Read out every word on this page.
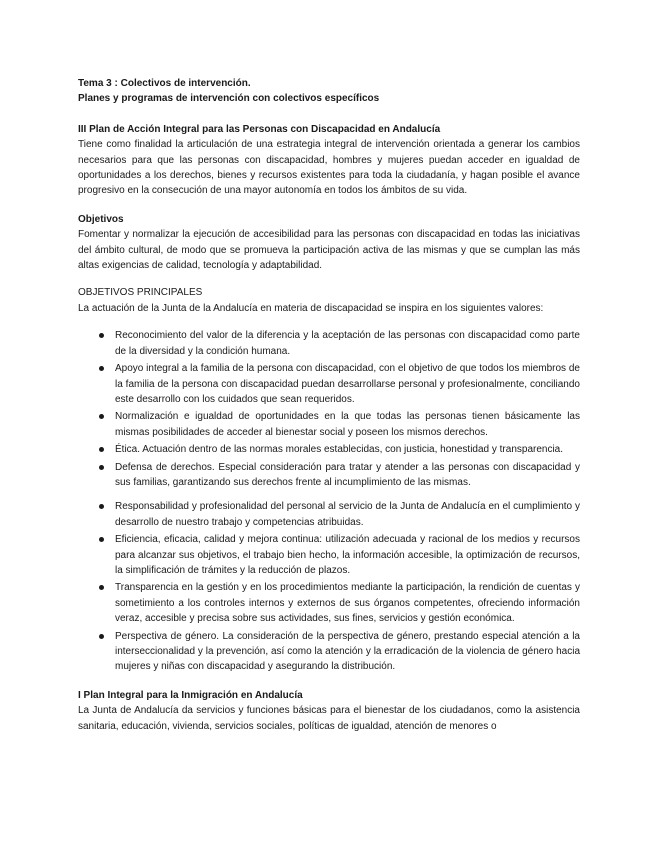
Tema 3 : Colectivos de intervención.

Planes y programas de intervención con colectivos específicos

III Plan de Acción Integral para las Personas con Discapacidad en Andalucía

Tiene como finalidad la articulación de una estrategia integral de intervención orientada a generar los cambios necesarios para que las personas con discapacidad, hombres y mujeres puedan acceder en igualdad de oportunidades a los derechos, bienes y recursos existentes para toda la ciudadanía, y hagan posible el avance progresivo en la consecución de una mayor autonomía en todos los ámbitos de su vida.

Objetivos

Fomentar y normalizar la ejecución de accesibilidad para las personas con discapacidad en todas las iniciativas del ámbito cultural, de modo que se promueva la participación activa de las mismas y que se cumplan las más altas exigencias de calidad, tecnología y adaptabilidad.

OBJETIVOS PRINCIPALES

La actuación de la Junta de la Andalucía en materia de discapacidad se inspira en los siguientes valores:

Reconocimiento del valor de la diferencia y la aceptación de las personas con discapacidad como parte de la diversidad y la condición humana.
Apoyo integral a la familia de la persona con discapacidad, con el objetivo de que todos los miembros de la familia de la persona con discapacidad puedan desarrollarse personal y profesionalmente, conciliando este desarrollo con los cuidados que sean requeridos.
Normalización e igualdad de oportunidades en la que todas las personas tienen básicamente las mismas posibilidades de acceder al bienestar social y poseen los mismos derechos.
Ética. Actuación dentro de las normas morales establecidas, con justicia, honestidad y transparencia.
Defensa de derechos. Especial consideración para tratar y atender a las personas con discapacidad y sus familias, garantizando sus derechos frente al incumplimiento de las mismas.
Responsabilidad y profesionalidad del personal al servicio de la Junta de Andalucía en el cumplimiento y desarrollo de nuestro trabajo y competencias atribuidas.
Eficiencia, eficacia, calidad y mejora continua: utilización adecuada y racional de los medios y recursos para alcanzar sus objetivos, el trabajo bien hecho, la información accesible, la optimización de recursos, la simplificación de trámites y la reducción de plazos.
Transparencia en la gestión y en los procedimientos mediante la participación, la rendición de cuentas y sometimiento a los controles internos y externos de sus órganos competentes, ofreciendo información veraz, accesible y precisa sobre sus actividades, sus fines, servicios y gestión económica.
Perspectiva de género. La consideración de la perspectiva de género, prestando especial atención a la interseccionalidad y la prevención, así como la atención y la erradicación de la violencia de género hacia mujeres y niñas con discapacidad y asegurando la distribución.

I Plan Integral para la Inmigración en Andalucía

La Junta de Andalucía da servicios y funciones básicas para el bienestar de los ciudadanos, como la asistencia sanitaria, educación, vivienda, servicios sociales, políticas de igualdad, atención de menores o
